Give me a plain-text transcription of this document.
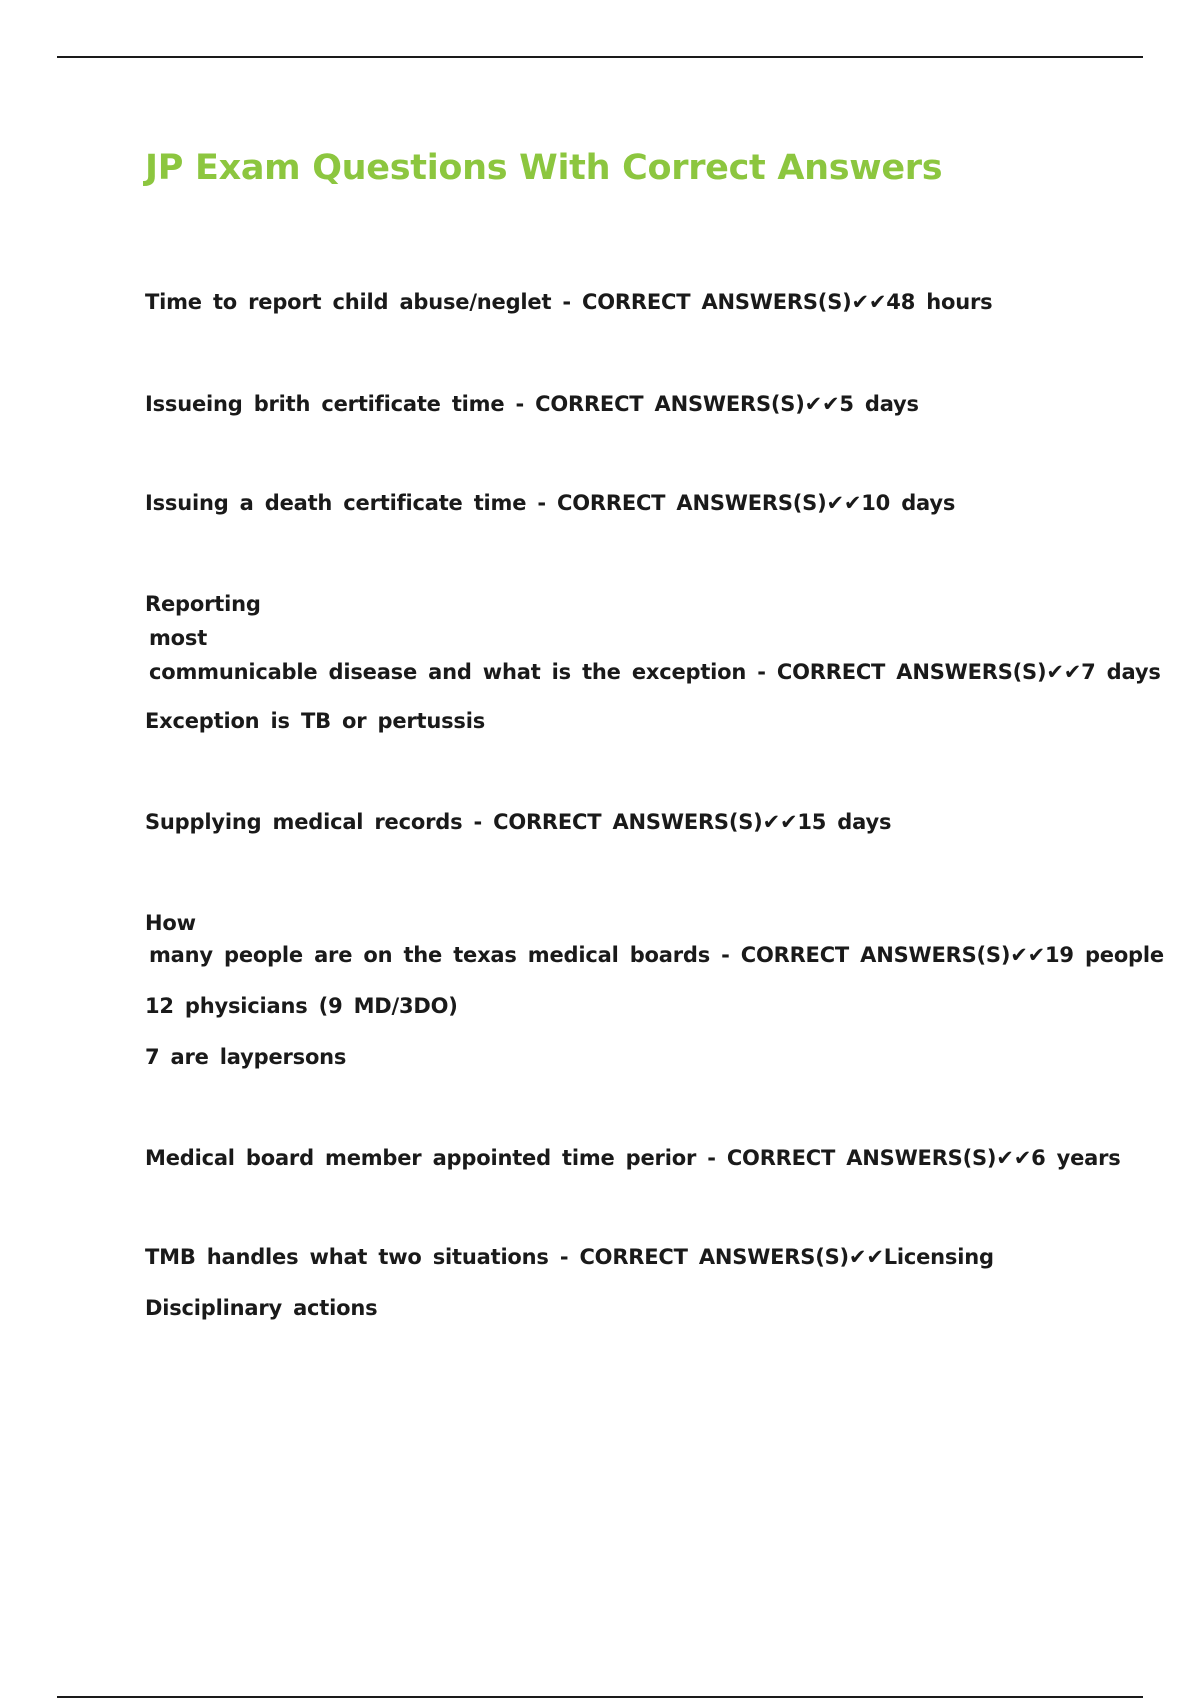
JP Exam Questions With Correct Answers

Time to report child abuse/neglet - CORRECT ANSWERS(S)✔✔48 hours

Issueing brith certificate time - CORRECT ANSWERS(S)✔✔5 days

Issuing a death certificate time - CORRECT ANSWERS(S)✔✔10 days

Reporting

most

communicable disease and what is the exception - CORRECT ANSWERS(S)✔✔7 days

Exception is TB or pertussis

Supplying medical records - CORRECT ANSWERS(S)✔✔15 days

How

many people are on the texas medical boards - CORRECT ANSWERS(S)✔✔19 people

12 physicians (9 MD/3DO)

7 are laypersons

Medical board member appointed time perior - CORRECT ANSWERS(S)✔✔6 years

TMB handles what two situations - CORRECT ANSWERS(S)✔✔Licensing

Disciplinary actions
